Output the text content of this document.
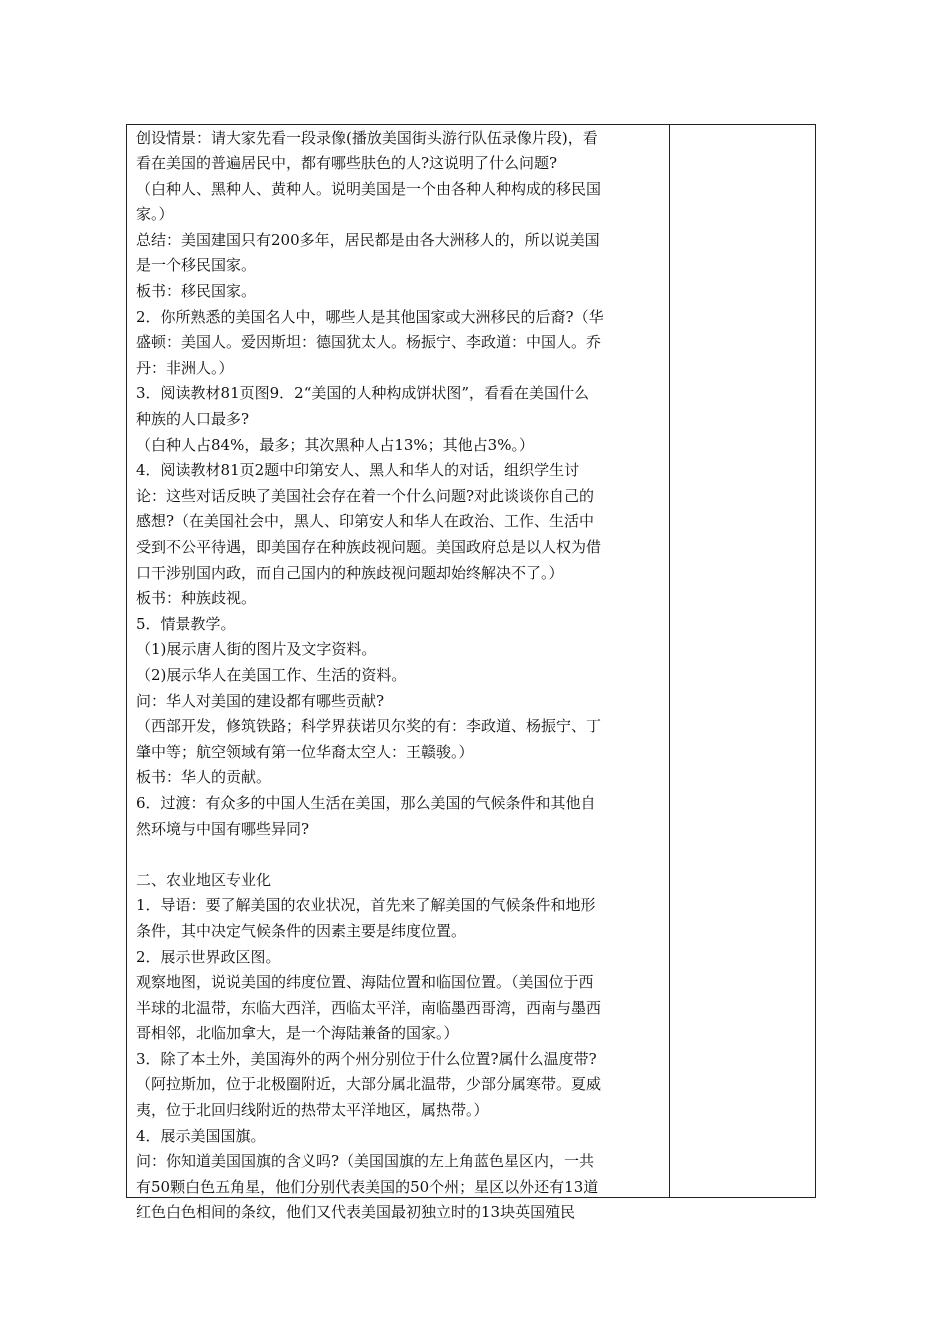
创设情景：请大家先看一段录像(播放美国街头游行队伍录像片段)，看
看在美国的普遍居民中，都有哪些肤色的人?这说明了什么问题?
（白种人、黑种人、黄种人。说明美国是一个由各种人种构成的移民国
家。）
总结：美国建国只有200多年，居民都是由各大洲移人的，所以说美国
是一个移民国家。
板书：移民国家。
2．你所熟悉的美国名人中，哪些人是其他国家或大洲移民的后裔?（华
盛顿：美国人。爱因斯坦：德国犹太人。杨振宁、李政道：中国人。乔
丹：非洲人。）
3．阅读教材81页图9．2“美国的人种构成饼状图”，看看在美国什么
种族的人口最多?
（白种人占84%，最多；其次黑种人占13%；其他占3%。）
4．阅读教材81页2题中印第安人、黑人和华人的对话，组织学生讨
论：这些对话反映了美国社会存在着一个什么问题?对此谈谈你自己的
感想?（在美国社会中，黑人、印第安人和华人在政治、工作、生活中
受到不公平待遇，即美国存在种族歧视问题。美国政府总是以人权为借
口干涉别国内政，而自己国内的种族歧视问题却始终解决不了。）
板书：种族歧视。
5．情景教学。
（1)展示唐人街的图片及文字资料。
（2)展示华人在美国工作、生活的资料。
问：华人对美国的建设都有哪些贡献?
（西部开发，修筑铁路；科学界获诺贝尔奖的有：李政道、杨振宁、丁
肇中等；航空领域有第一位华裔太空人：王赣骏。）
板书：华人的贡献。
6．过渡：有众多的中国人生活在美国，那么美国的气候条件和其他自
然环境与中国有哪些异同?
二、农业地区专业化
1．导语：要了解美国的农业状况，首先来了解美国的气候条件和地形
条件，其中决定气候条件的因素主要是纬度位置。
2．展示世界政区图。
观察地图，说说美国的纬度位置、海陆位置和临国位置。（美国位于西
半球的北温带，东临大西洋，西临太平洋，南临墨西哥湾，西南与墨西
哥相邻，北临加拿大，是一个海陆兼备的国家。）
3．除了本土外，美国海外的两个州分别位于什么位置?属什么温度带?
（阿拉斯加，位于北极圈附近，大部分属北温带，少部分属寒带。夏威
夷，位于北回归线附近的热带太平洋地区，属热带。）
4．展示美国国旗。
问：你知道美国国旗的含义吗?（美国国旗的左上角蓝色星区内，一共
有50颗白色五角星，他们分别代表美国的50个州；星区以外还有13道
红色白色相间的条纹，他们又代表美国最初独立时的13块英国殖民
